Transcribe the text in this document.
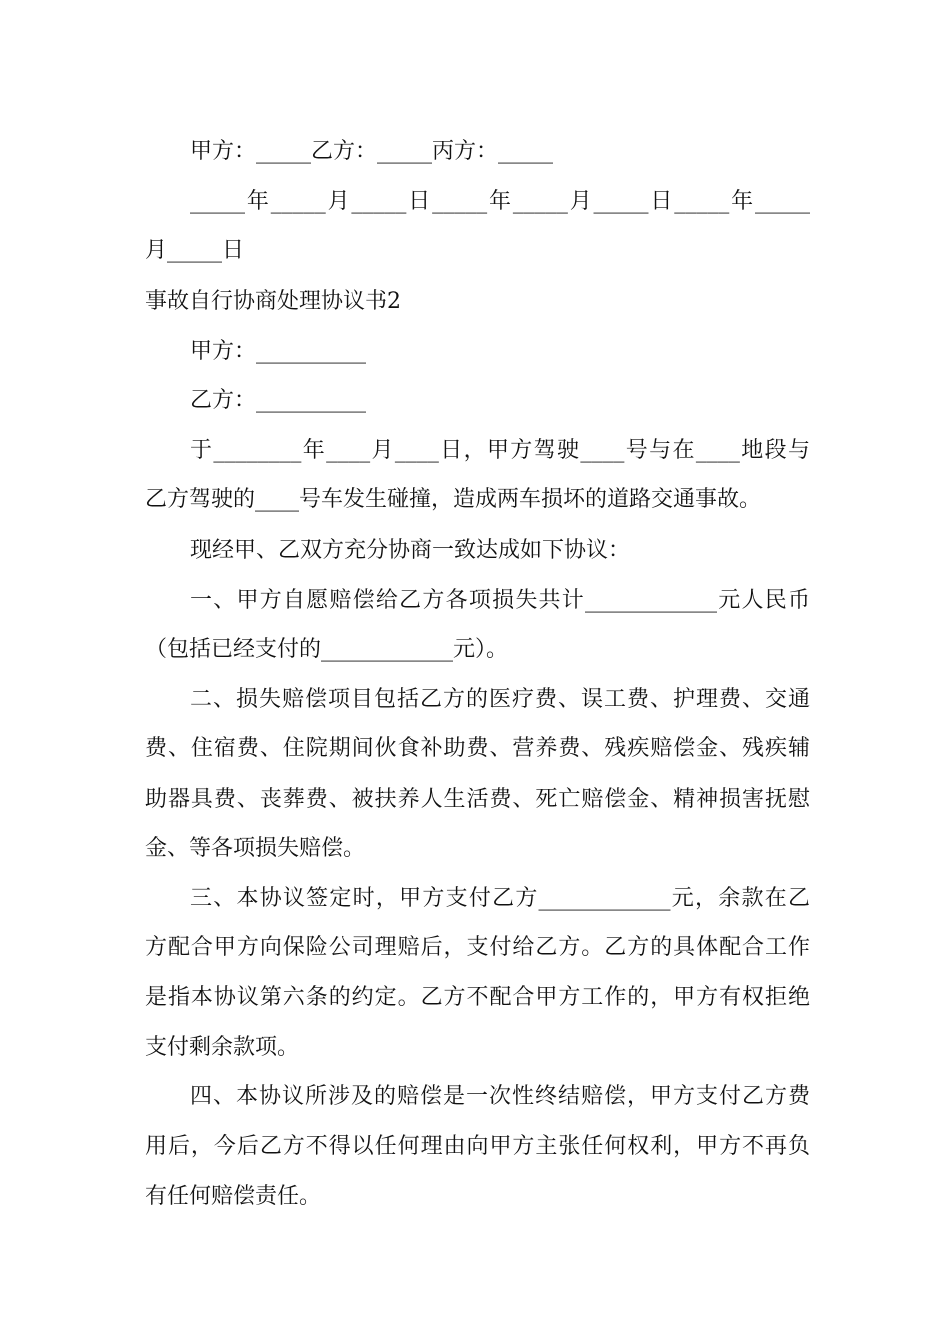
甲方：_____乙方：_____丙方：_____
_____年_____月_____日_____年_____月_____日_____年_____
月_____日
事故自行协商处理协议书2
甲方：__________
乙方：__________
于________年____月____日，甲方驾驶____号与在____地段与
乙方驾驶的____号车发生碰撞，造成两车损坏的道路交通事故。
现经甲、乙双方充分协商一致达成如下协议：
一、甲方自愿赔偿给乙方各项损失共计____________元人民币
（包括已经支付的____________元）。
二、损失赔偿项目包括乙方的医疗费、误工费、护理费、交通
费、住宿费、住院期间伙食补助费、营养费、残疾赔偿金、残疾辅
助器具费、丧葬费、被扶养人生活费、死亡赔偿金、精神损害抚慰
金、等各项损失赔偿。
三、本协议签定时，甲方支付乙方____________元，余款在乙
方配合甲方向保险公司理赔后，支付给乙方。乙方的具体配合工作
是指本协议第六条的约定。乙方不配合甲方工作的，甲方有权拒绝
支付剩余款项。
四、本协议所涉及的赔偿是一次性终结赔偿，甲方支付乙方费
用后，今后乙方不得以任何理由向甲方主张任何权利，甲方不再负
有任何赔偿责任。
